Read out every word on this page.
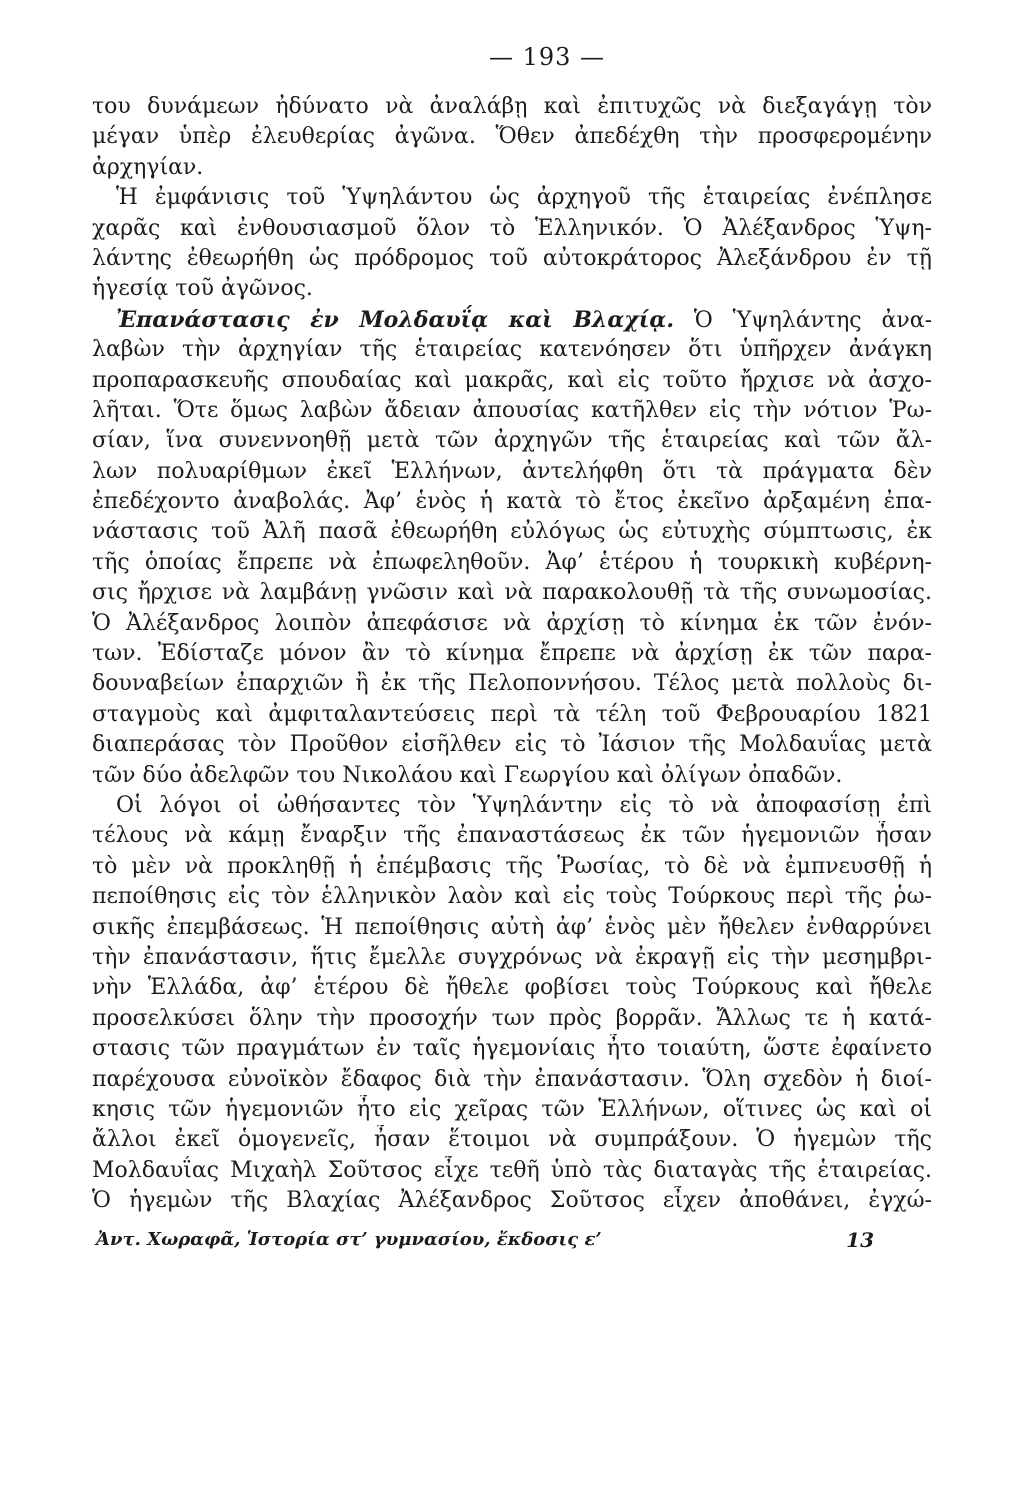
— 193 —
του δυνάμεων ἠδύνατο νὰ ἀναλάβῃ καὶ ἐπιτυχῶς νὰ διεξαγάγῃ τὸν
μέγαν ὑπὲρ ἐλευθερίας ἀγῶνα. Ὅθεν ἀπεδέχθη τὴν προσφερομένην
ἀρχηγίαν.
Ἡ ἐμφάνισις τοῦ Ὑψηλάντου ὡς ἀρχηγοῦ τῆς ἑταιρείας ἐνέπλησε
χαρᾶς καὶ ἐνθουσιασμοῦ ὅλον τὸ Ἑλληνικόν. Ὁ Ἀλέξανδρος Ὑψη-
λάντης ἐθεωρήθη ὡς πρόδρομος τοῦ αὐτοκράτορος Ἀλεξάνδρου ἐν τῇ
ἡγεσίᾳ τοῦ ἀγῶνος.
Ἐπανάστασις ἐν Μολδαυΐᾳ καὶ Βλαχίᾳ. Ὁ Ὑψηλάντης ἀνα-
λαβὼν τὴν ἀρχηγίαν τῆς ἑταιρείας κατενόησεν ὅτι ὑπῆρχεν ἀνάγκη
προπαρασκευῆς σπουδαίας καὶ μακρᾶς, καὶ εἰς τοῦτο ἤρχισε νὰ ἀσχο-
λῆται. Ὅτε ὅμως λαβὼν ἄδειαν ἀπουσίας κατῆλθεν εἰς τὴν νότιον Ῥω-
σίαν, ἵνα συνεννοηθῇ μετὰ τῶν ἀρχηγῶν τῆς ἑταιρείας καὶ τῶν ἄλ-
λων πολυαρίθμων ἐκεῖ Ἑλλήνων, ἀντελήφθη ὅτι τὰ πράγματα δὲν
ἐπεδέχοντο ἀναβολάς. Ἀφ’ ἑνὸς ἡ κατὰ τὸ ἔτος ἐκεῖνο ἀρξαμένη ἐπα-
νάστασις τοῦ Ἀλῆ πασᾶ ἐθεωρήθη εὐλόγως ὡς εὐτυχὴς σύμπτωσις, ἐκ
τῆς ὁποίας ἔπρεπε νὰ ἐπωφεληθοῦν. Ἀφ’ ἑτέρου ἡ τουρκικὴ κυβέρνη-
σις ἤρχισε νὰ λαμβάνῃ γνῶσιν καὶ νὰ παρακολουθῇ τὰ τῆς συνωμοσίας.
Ὁ Ἀλέξανδρος λοιπὸν ἀπεφάσισε νὰ ἀρχίσῃ τὸ κίνημα ἐκ τῶν ἐνόν-
των. Ἐδίσταζε μόνον ἂν τὸ κίνημα ἔπρεπε νὰ ἀρχίσῃ ἐκ τῶν παρα-
δουναβείων ἐπαρχιῶν ἢ ἐκ τῆς Πελοποννήσου. Τέλος μετὰ πολλοὺς δι-
σταγμοὺς καὶ ἀμφιταλαντεύσεις περὶ τὰ τέλη τοῦ Φεβρουαρίου 1821
διαπεράσας τὸν Προῦθον εἰσῆλθεν εἰς τὸ Ἰάσιον τῆς Μολδαυΐας μετὰ
τῶν δύο ἀδελφῶν του Νικολάου καὶ Γεωργίου καὶ ὀλίγων ὀπαδῶν.
Οἱ λόγοι οἱ ὠθήσαντες τὸν Ὑψηλάντην εἰς τὸ νὰ ἀποφασίσῃ ἐπὶ
τέλους νὰ κάμῃ ἔναρξιν τῆς ἐπαναστάσεως ἐκ τῶν ἡγεμονιῶν ἦσαν
τὸ μὲν νὰ προκληθῇ ἡ ἐπέμβασις τῆς Ῥωσίας, τὸ δὲ νὰ ἐμπνευσθῇ ἡ
πεποίθησις εἰς τὸν ἑλληνικὸν λαὸν καὶ εἰς τοὺς Τούρκους περὶ τῆς ῥω-
σικῆς ἐπεμβάσεως. Ἡ πεποίθησις αὐτὴ ἀφ’ ἑνὸς μὲν ἤθελεν ἐνθαρρύνει
τὴν ἐπανάστασιν, ἥτις ἔμελλε συγχρόνως νὰ ἐκραγῇ εἰς τὴν μεσημβρι-
νὴν Ἑλλάδα, ἀφ’ ἑτέρου δὲ ἤθελε φοβίσει τοὺς Τούρκους καὶ ἤθελε
προσελκύσει ὅλην τὴν προσοχήν των πρὸς βορρᾶν. Ἄλλως τε ἡ κατά-
στασις τῶν πραγμάτων ἐν ταῖς ἡγεμονίαις ἦτο τοιαύτη, ὥστε ἐφαίνετο
παρέχουσα εὐνοϊκὸν ἔδαφος διὰ τὴν ἐπανάστασιν. Ὅλη σχεδὸν ἡ διοί-
κησις τῶν ἡγεμονιῶν ἦτο εἰς χεῖρας τῶν Ἑλλήνων, οἵτινες ὡς καὶ οἱ
ἄλλοι ἐκεῖ ὁμογενεῖς, ἦσαν ἕτοιμοι νὰ συμπράξουν. Ὁ ἡγεμὼν τῆς
Μολδαυΐας Μιχαὴλ Σοῦτσος εἶχε τεθῆ ὑπὸ τὰς διαταγὰς τῆς ἑταιρείας.
Ὁ ἡγεμὼν τῆς Βλαχίας Ἀλέξανδρος Σοῦτσος εἶχεν ἀποθάνει, ἐγχώ-
Ἀντ. Χωραφᾶ, Ἱστορία στ’ γυμνασίου, ἔκδοσις ε’	13
